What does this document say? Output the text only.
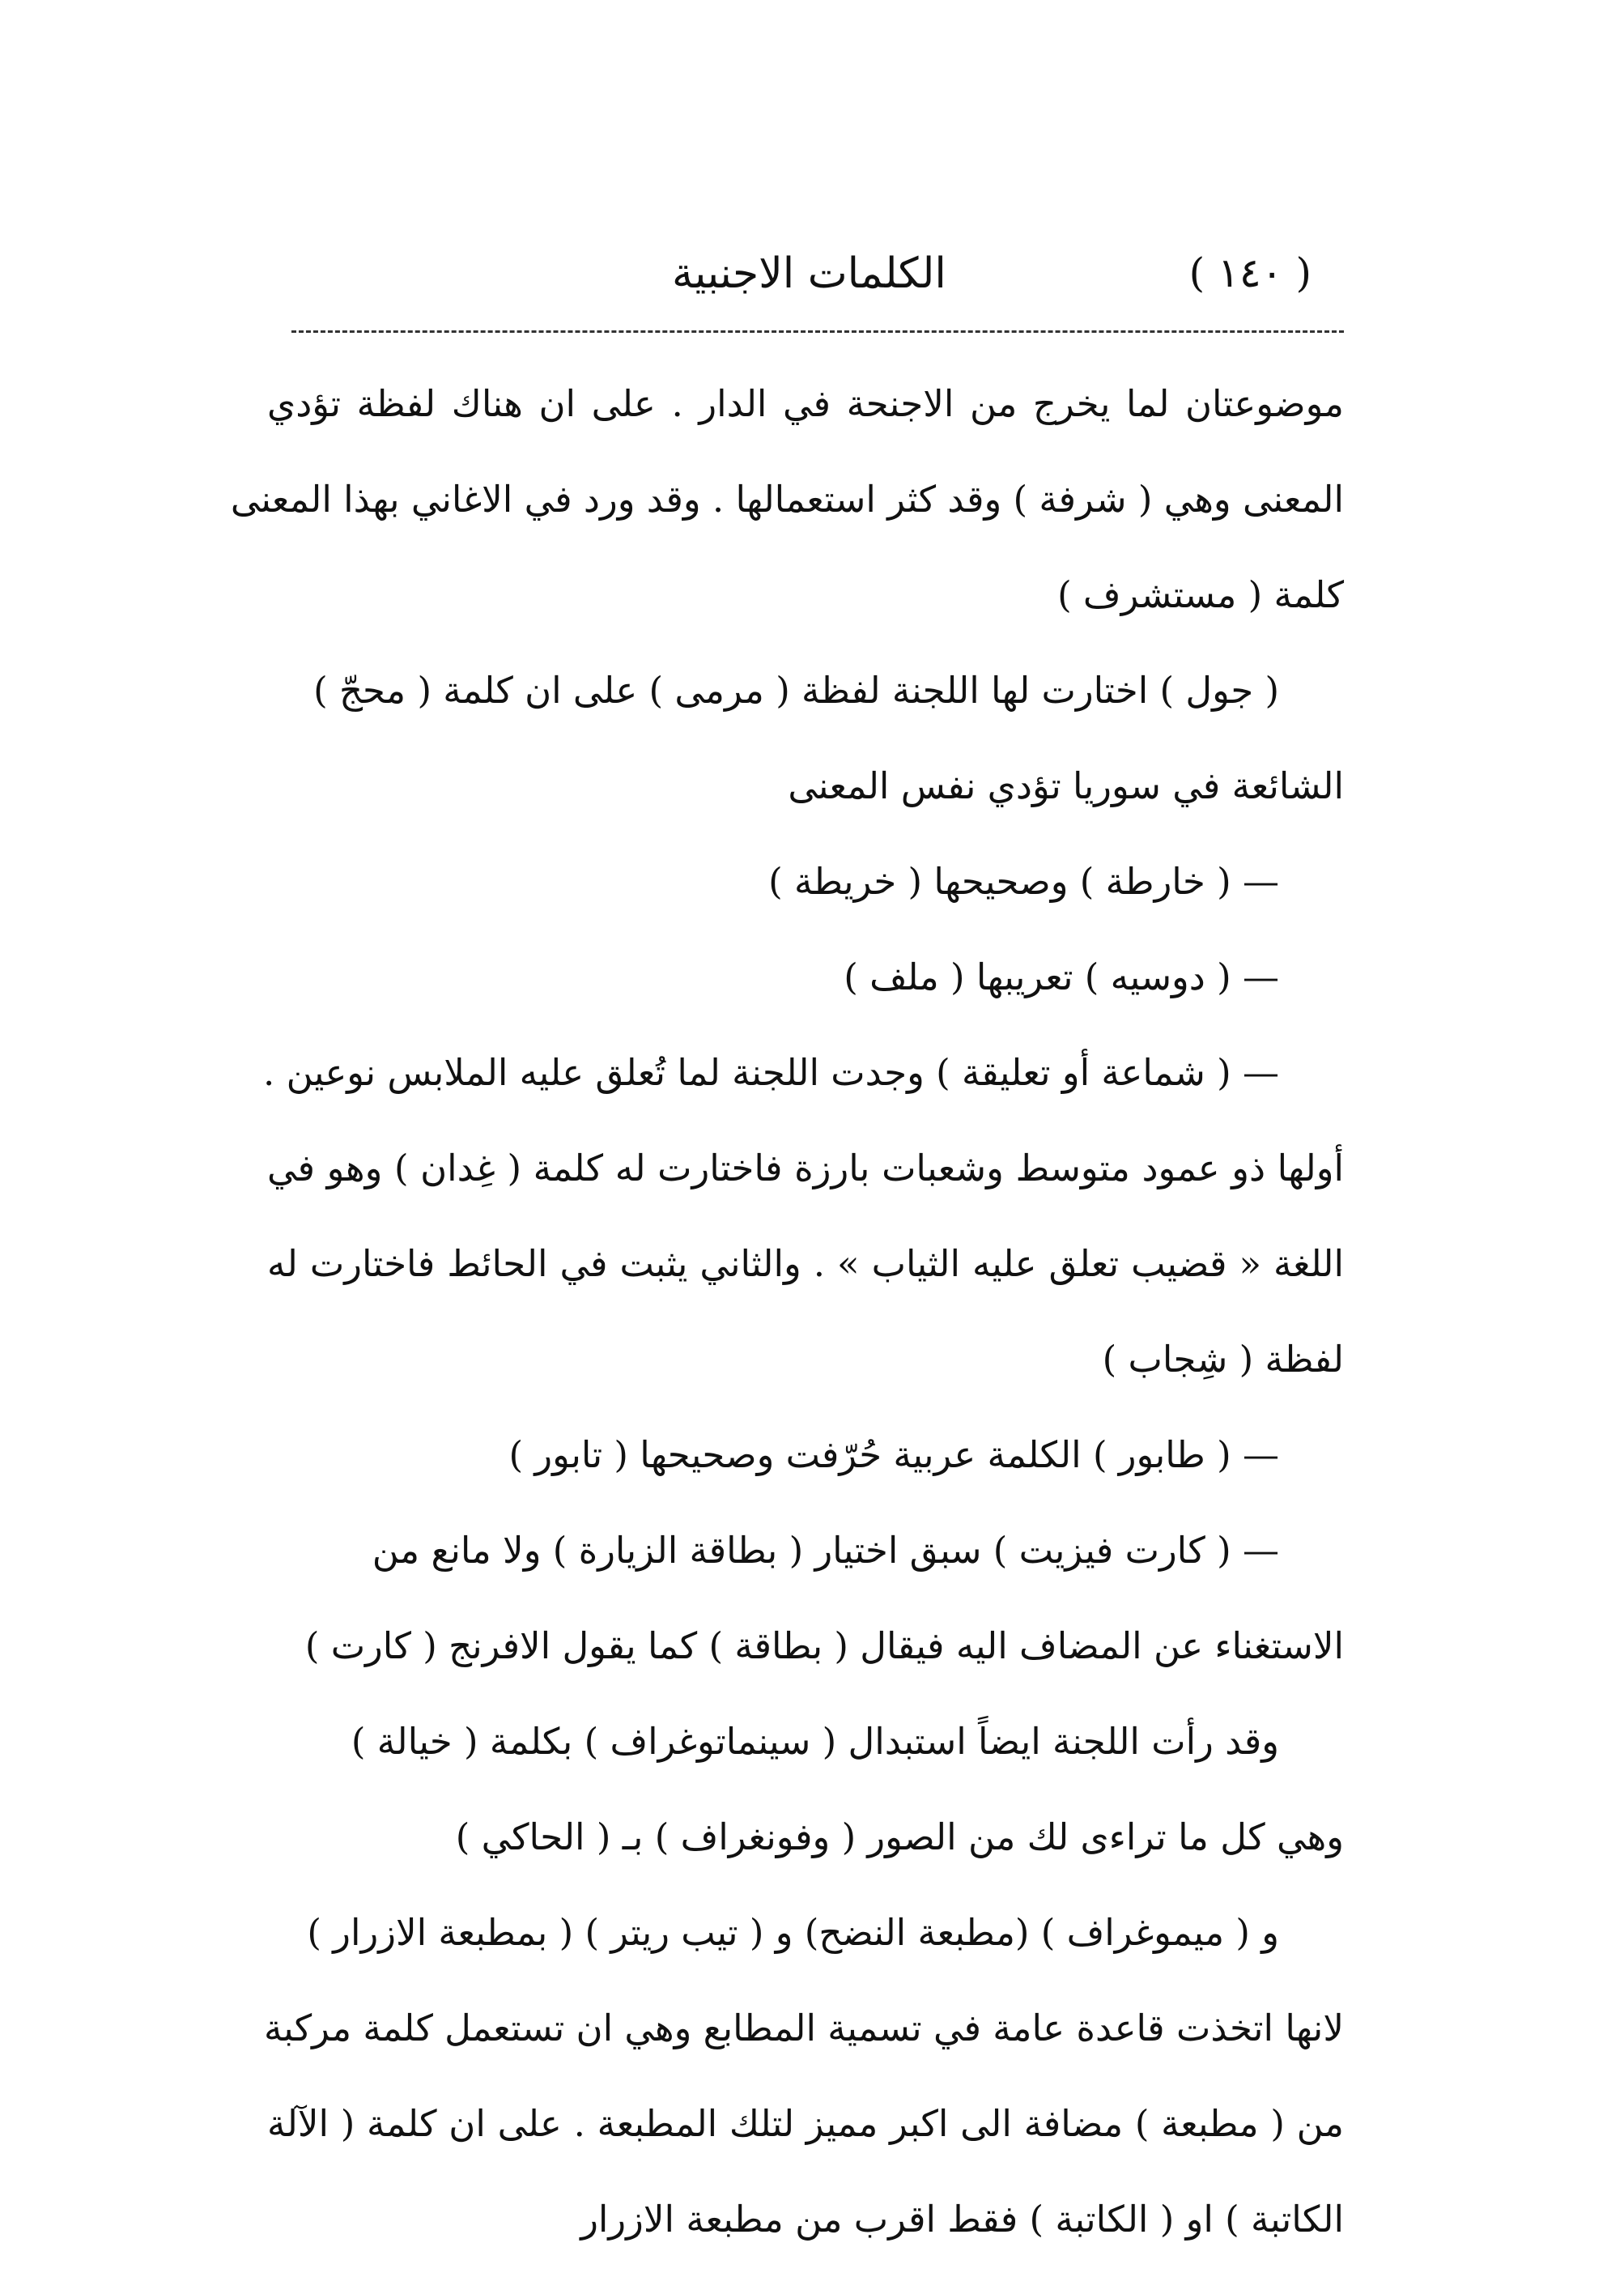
( ١٤٠ )
الكلمات الاجنبية
موضوعتان لما يخرج من الاجنحة في الدار . على ان هناك لفظة تؤدي
المعنى وهي ( شرفة ) وقد كثر استعمالها . وقد ورد في الاغاني بهذا المعنى
كلمة ( مستشرف )
( جول ) اختارت لها اللجنة لفظة ( مرمى ) على ان كلمة ( محجّ )
الشائعة في سوريا تؤدي نفس المعنى
— ( خارطة ) وصحيحها ( خريطة )
— ( دوسيه ) تعريبها ( ملف )
— ( شماعة أو تعليقة ) وجدت اللجنة لما تُعلق عليه الملابس نوعين .
أولها ذو عمود متوسط وشعبات بارزة فاختارت له كلمة ( غِدان ) وهو في
اللغة « قضيب تعلق عليه الثياب » . والثاني يثبت في الحائط فاختارت له
لفظة ( شِجاب )
— ( طابور ) الكلمة عربية حُرّفت وصحيحها ( تابور )
— ( كارت فيزيت ) سبق اختيار ( بطاقة الزيارة ) ولا مانع من
الاستغناء عن المضاف اليه فيقال ( بطاقة ) كما يقول الافرنج ( كارت )
وقد رأت اللجنة ايضاً استبدال ( سينماتوغراف ) بكلمة ( خيالة )
وهي كل ما تراءى لك من الصور ( وفونغراف ) بـ ( الحاكي )
و ( ميموغراف ) (مطبعة النضح) و ( تيب ريتر ) ( بمطبعة الازرار )
لانها اتخذت قاعدة عامة في تسمية المطابع وهي ان تستعمل كلمة مركبة
من ( مطبعة ) مضافة الى اكبر مميز لتلك المطبعة . على ان كلمة ( الآلة
الكاتبة ) او ( الكاتبة ) فقط اقرب من مطبعة الازرار
